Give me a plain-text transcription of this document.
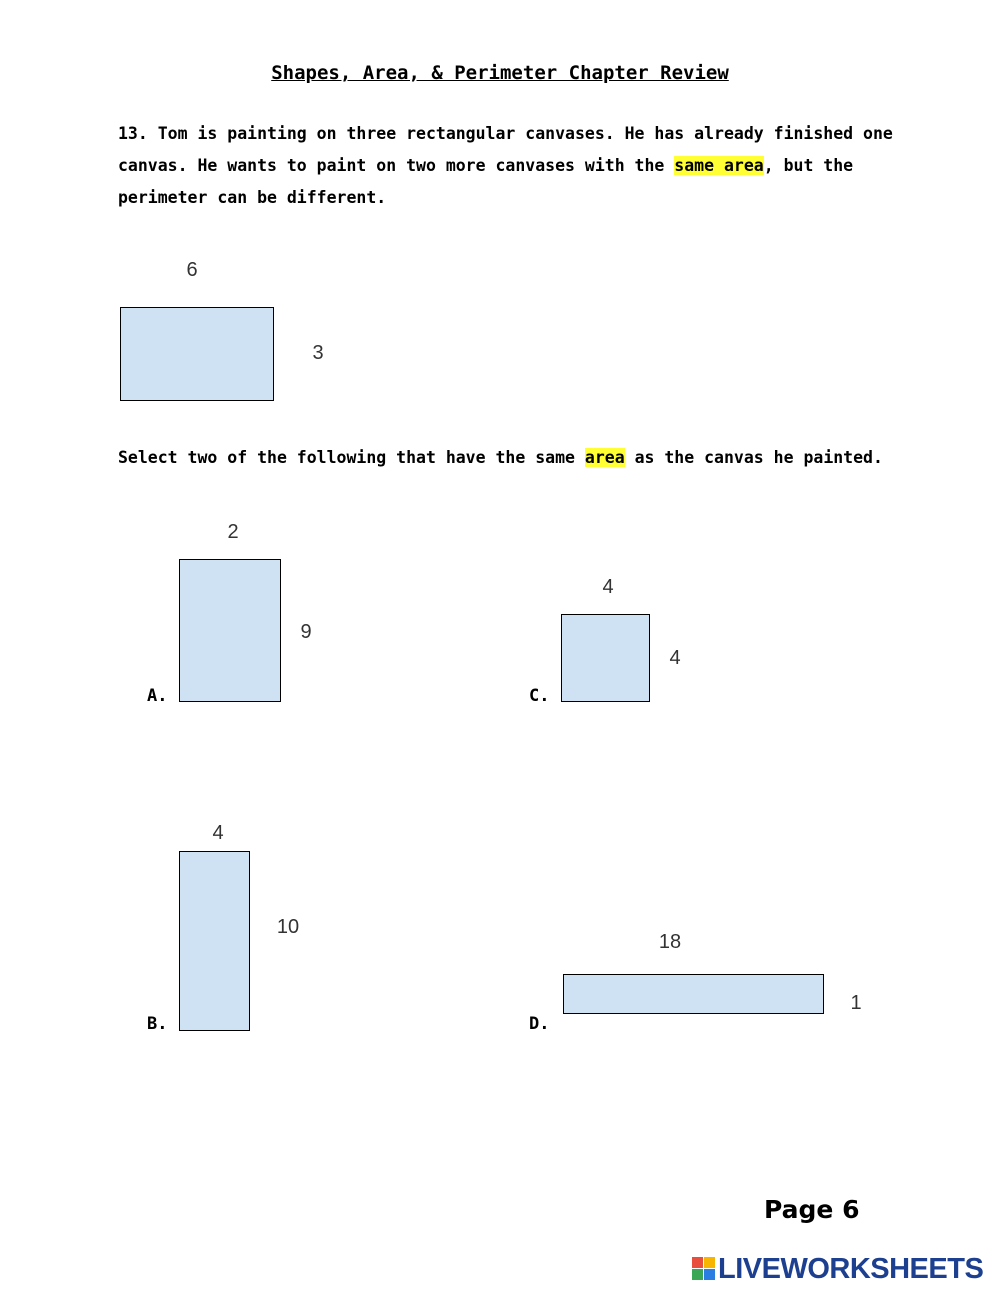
Shapes, Area, & Perimeter Chapter Review
13. Tom is painting on three rectangular canvases. He has already finished one canvas. He wants to paint on two more canvases with the same area, but the perimeter can be different.
6
3
Select two of the following that have the same area as the canvas he painted.
2
9
A.
4
4
C.
4
10
B.
18
1
D.
Page 6
LIVEWORKSHEETS
